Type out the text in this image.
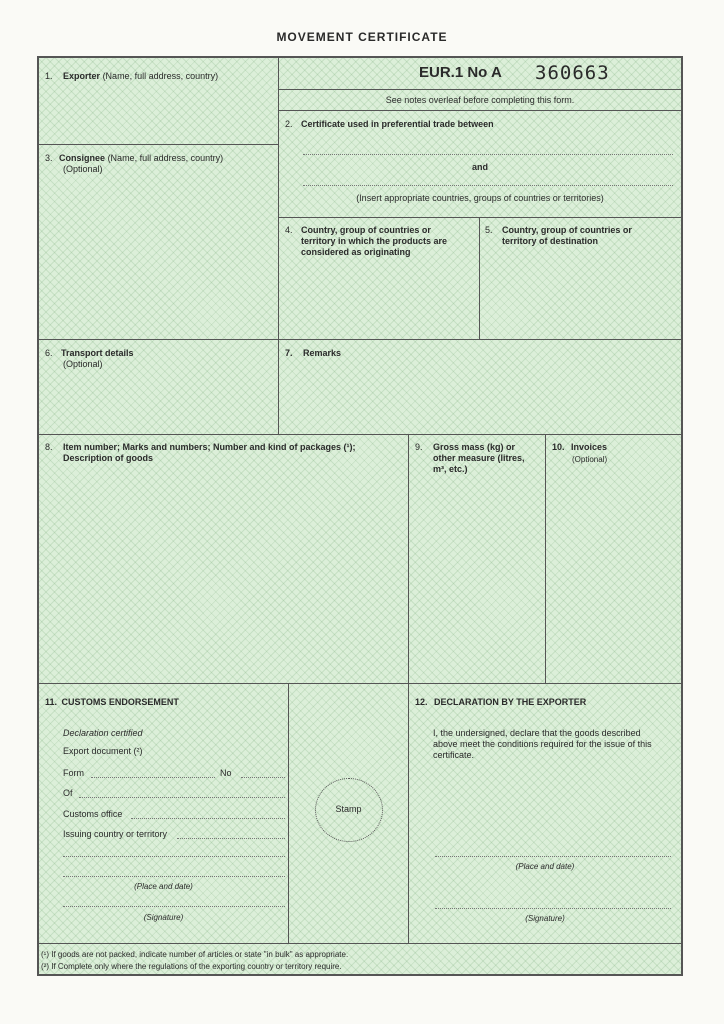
MOVEMENT CERTIFICATE
1. Exporter (Name, full address, country)	EUR.1 No A 360663
See notes overleaf before completing this form.
2. Certificate used in preferential trade between
and
(Insert appropriate countries, groups of countries or territories)
3. Consignee (Name, full address, country)
(Optional)
4. Country, group of countries or
territory in which the products are
considered as originating
5. Country, group of countries or
territory of destination
6. Transport details
(Optional)
7. Remarks
8. Item number; Marks and numbers; Number and kind of packages (¹);
Description of goods
9. Gross mass (kg) or
other measure (litres,
m³, etc.)
10. Invoices
(Optional)
11. CUSTOMS ENDORSEMENT
Declaration certified
Export document (²)
Form	No
Of
Customs office
Issuing country or territory
(Place and date)
(Signature)
Stamp
12. DECLARATION BY THE EXPORTER
I, the undersigned, declare that the goods described
above meet the conditions required for the issue of this
certificate.
(Place and date)
(Signature)
(¹) If goods are not packed, indicate number of articles or state "in bulk" as appropriate.
(²) If Complete only where the regulations of the exporting country or territory require.
